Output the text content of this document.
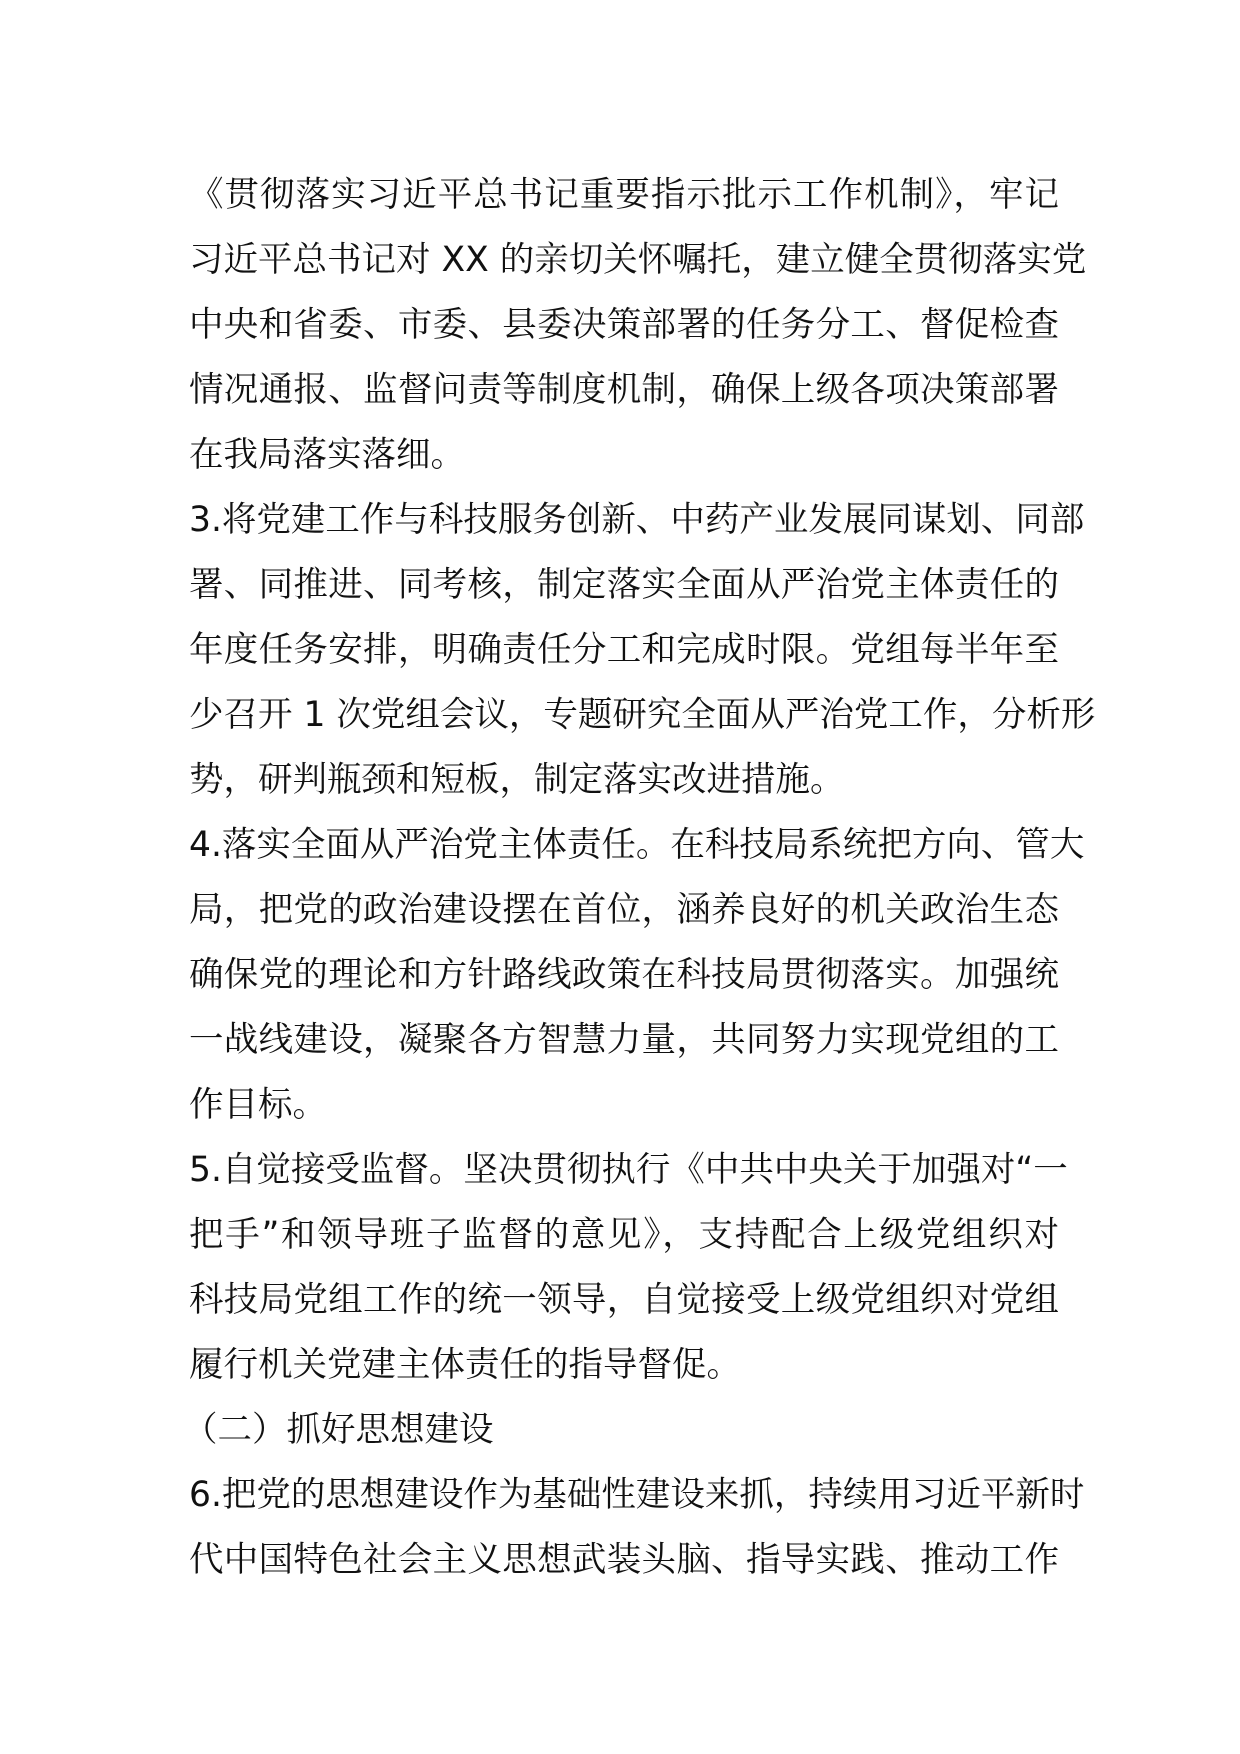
《贯彻落实习近平总书记重要指示批示工作机制》，牢记
习近平总书记对 XX 的亲切关怀嘱托，建立健全贯彻落实党
中央和省委、市委、县委决策部署的任务分工、督促检查
情况通报、监督问责等制度机制，确保上级各项决策部署
在我局落实落细。
3.将党建工作与科技服务创新、中药产业发展同谋划、同部
署、同推进、同考核，制定落实全面从严治党主体责任的
年度任务安排，明确责任分工和完成时限。党组每半年至
少召开 1 次党组会议，专题研究全面从严治党工作，分析形
势，研判瓶颈和短板，制定落实改进措施。
4.落实全面从严治党主体责任。在科技局系统把方向、管大
局，把党的政治建设摆在首位，涵养良好的机关政治生态
确保党的理论和方针路线政策在科技局贯彻落实。加强统
一战线建设，凝聚各方智慧力量，共同努力实现党组的工
作目标。
5.自觉接受监督。坚决贯彻执行《中共中央关于加强对“一
把手”和领导班子监督的意见》，支持配合上级党组织对
科技局党组工作的统一领导，自觉接受上级党组织对党组
履行机关党建主体责任的指导督促。
（二）抓好思想建设
6.把党的思想建设作为基础性建设来抓，持续用习近平新时
代中国特色社会主义思想武装头脑、指导实践、推动工作
